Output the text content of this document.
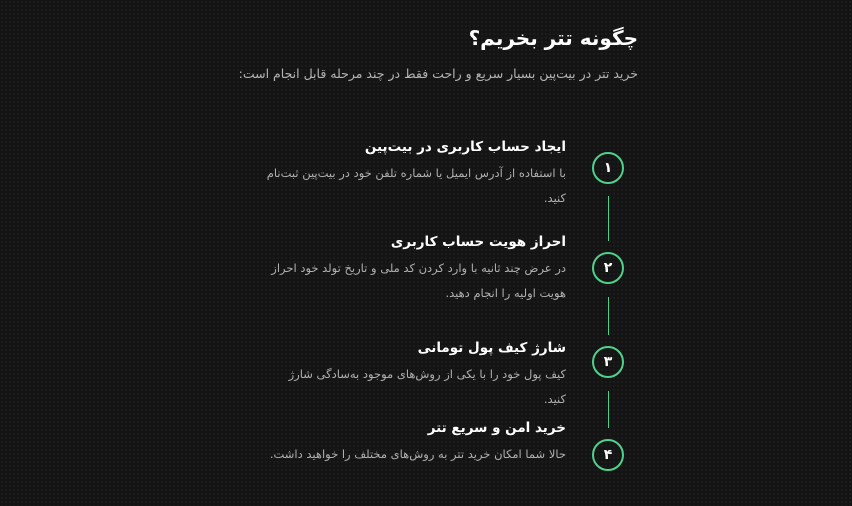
چگونه تتر بخریم؟

خرید تتر در بیت‌پین بسیار سریع و راحت فقط در چند مرحله قابل انجام است:

۱
ایجاد حساب کاربری در بیت‌پین

با استفاده از آدرس ایمیل یا شماره تلفن خود در بیت‌پین ثبت‌نام کنید.

۲
احراز هویت حساب کاربری

در عرض چند ثانیه با وارد کردن کد ملی و تاریخ تولد خود احراز هویت اولیه را انجام دهید.

۳
شارژ کیف پول تومانی

کیف پول خود را با یکی از روش‌های موجود به‌سادگی شارژ کنید.

۴
خرید امن و سریع تتر

حالا شما امکان خرید تتر به روش‌های مختلف را خواهید داشت.
